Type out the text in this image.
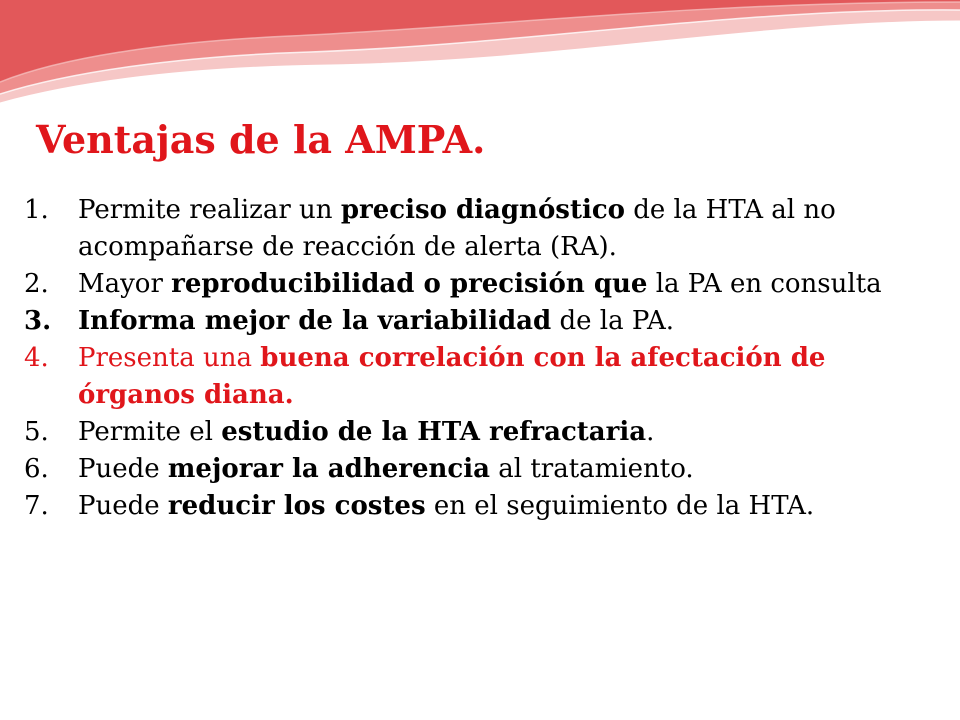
Ventajas de la AMPA.
1.	Permite realizar un preciso diagnóstico de la HTA al no acompañarse de reacción de alerta (RA).
2.	Mayor reproducibilidad o precisión que la PA en consulta
3.	Informa mejor de la variabilidad de la PA.
4.	Presenta una buena correlación con la afectación de órganos diana.
5.	Permite el estudio de la HTA refractaria.
6.	Puede mejorar la adherencia al tratamiento.
7.	Puede reducir los costes en el seguimiento de la HTA.
